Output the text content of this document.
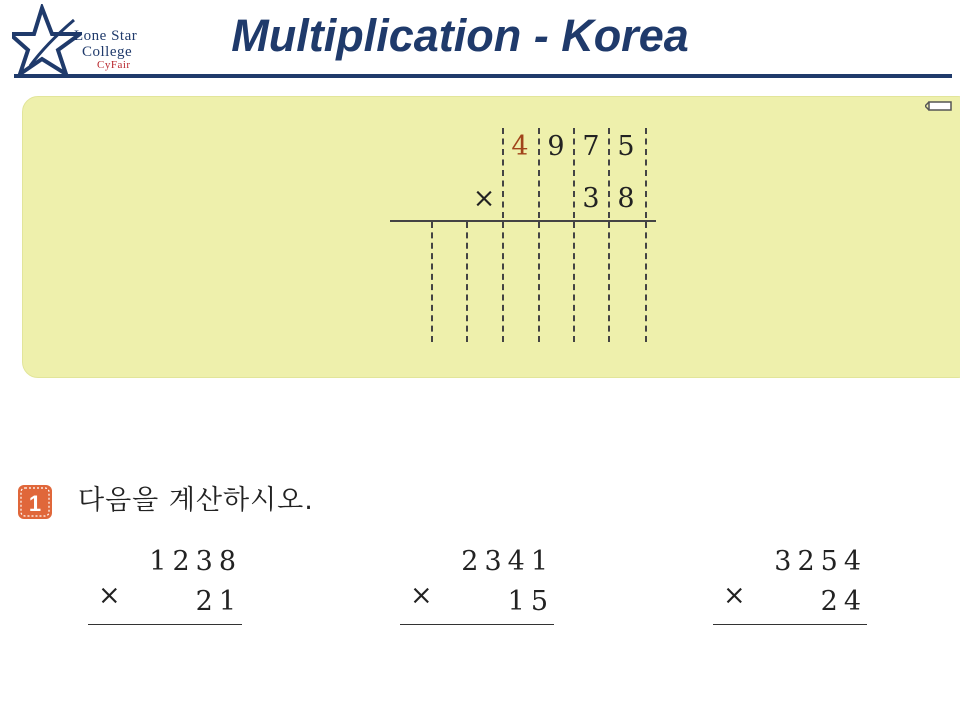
Lone Star
College
CyFair
Multiplication - Korea
4 9 7 5
×	3 8
1 다음을 계산하시오.
1238
×	21
2341
×	15
3254
×	24
